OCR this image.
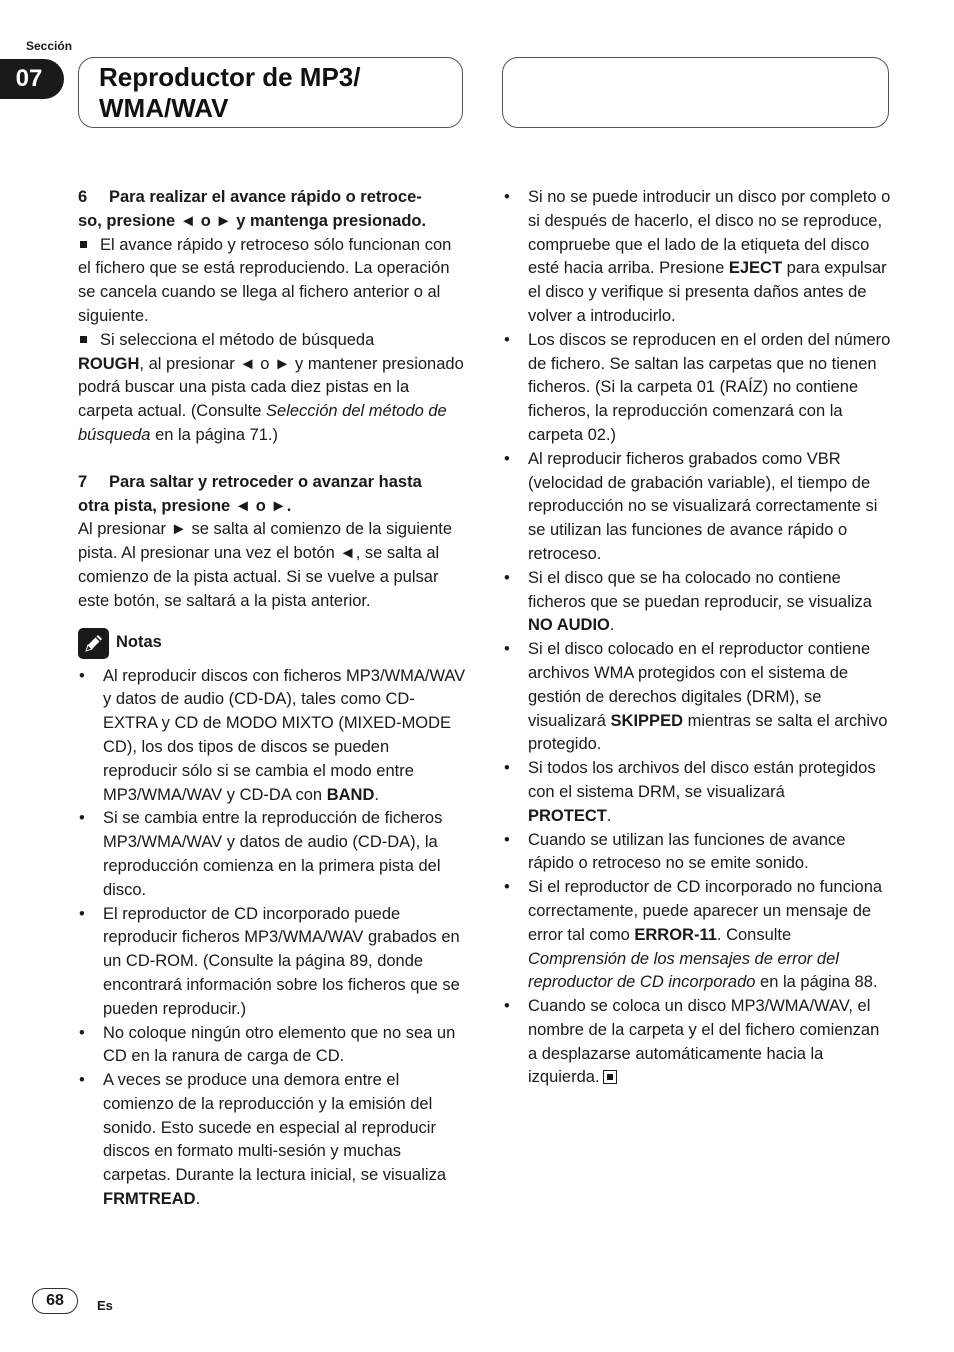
Sección
07	Reproductor de MP3/
WMA/WAV

6 Para realizar el avance rápido o retroce-
so, presione ◄ o ► y mantenga presionado.

El avance rápido y retroceso sólo funcionan con el fichero que se está reproduciendo. La operación se cancela cuando se llega al fichero anterior o al siguiente.

Si selecciona el método de búsqueda
ROUGH, al presionar ◄ o ► y mantener presionado podrá buscar una pista cada diez pistas en la carpeta actual. (Consulte Selección del método de búsqueda en la página 71.)

7 Para saltar y retroceder o avanzar hasta
otra pista, presione ◄ o ►.

Al presionar ► se salta al comienzo de la siguiente pista. Al presionar una vez el botón ◄, se salta al comienzo de la pista actual. Si se vuelve a pulsar este botón, se saltará a la pista anterior.

Notas
• Al reproducir discos con ficheros MP3/WMA/WAV y datos de audio (CD-DA), tales como CD-EXTRA y CD de MODO MIXTO (MIXED-MODE CD), los dos tipos de discos se pueden reproducir sólo si se cambia el modo entre MP3/WMA/WAV y CD-DA con BAND.
• Si se cambia entre la reproducción de ficheros MP3/WMA/WAV y datos de audio (CD-DA), la reproducción comienza en la primera pista del disco.
• El reproductor de CD incorporado puede reproducir ficheros MP3/WMA/WAV grabados en un CD-ROM. (Consulte la página 89, donde encontrará información sobre los ficheros que se pueden reproducir.)
• No coloque ningún otro elemento que no sea un CD en la ranura de carga de CD.
• A veces se produce una demora entre el comienzo de la reproducción y la emisión del sonido. Esto sucede en especial al reproducir discos en formato multi-sesión y muchas carpetas. Durante la lectura inicial, se visualiza FRMTREAD.
• Si no se puede introducir un disco por completo o si después de hacerlo, el disco no se reproduce, compruebe que el lado de la etiqueta del disco esté hacia arriba. Presione EJECT para expulsar el disco y verifique si presenta daños antes de volver a introducirlo.
• Los discos se reproducen en el orden del número de fichero. Se saltan las carpetas que no tienen ficheros. (Si la carpeta 01 (RAÍZ) no contiene ficheros, la reproducción comenzará con la carpeta 02.)
• Al reproducir ficheros grabados como VBR (velocidad de grabación variable), el tiempo de reproducción no se visualizará correctamente si se utilizan las funciones de avance rápido o retroceso.
• Si el disco que se ha colocado no contiene ficheros que se puedan reproducir, se visualiza
NO AUDIO.
• Si el disco colocado en el reproductor contiene archivos WMA protegidos con el sistema de gestión de derechos digitales (DRM), se visualizará SKIPPED mientras se salta el archivo protegido.
• Si todos los archivos del disco están protegidos con el sistema DRM, se visualizará
PROTECT.
• Cuando se utilizan las funciones de avance rápido o retroceso no se emite sonido.
• Si el reproductor de CD incorporado no funciona correctamente, puede aparecer un mensaje de error tal como ERROR-11. Consulte Comprensión de los mensajes de error del reproductor de CD incorporado en la página 88.
• Cuando se coloca un disco MP3/WMA/WAV, el nombre de la carpeta y el del fichero comienzan a desplazarse automáticamente hacia la izquierda.
68	Es
